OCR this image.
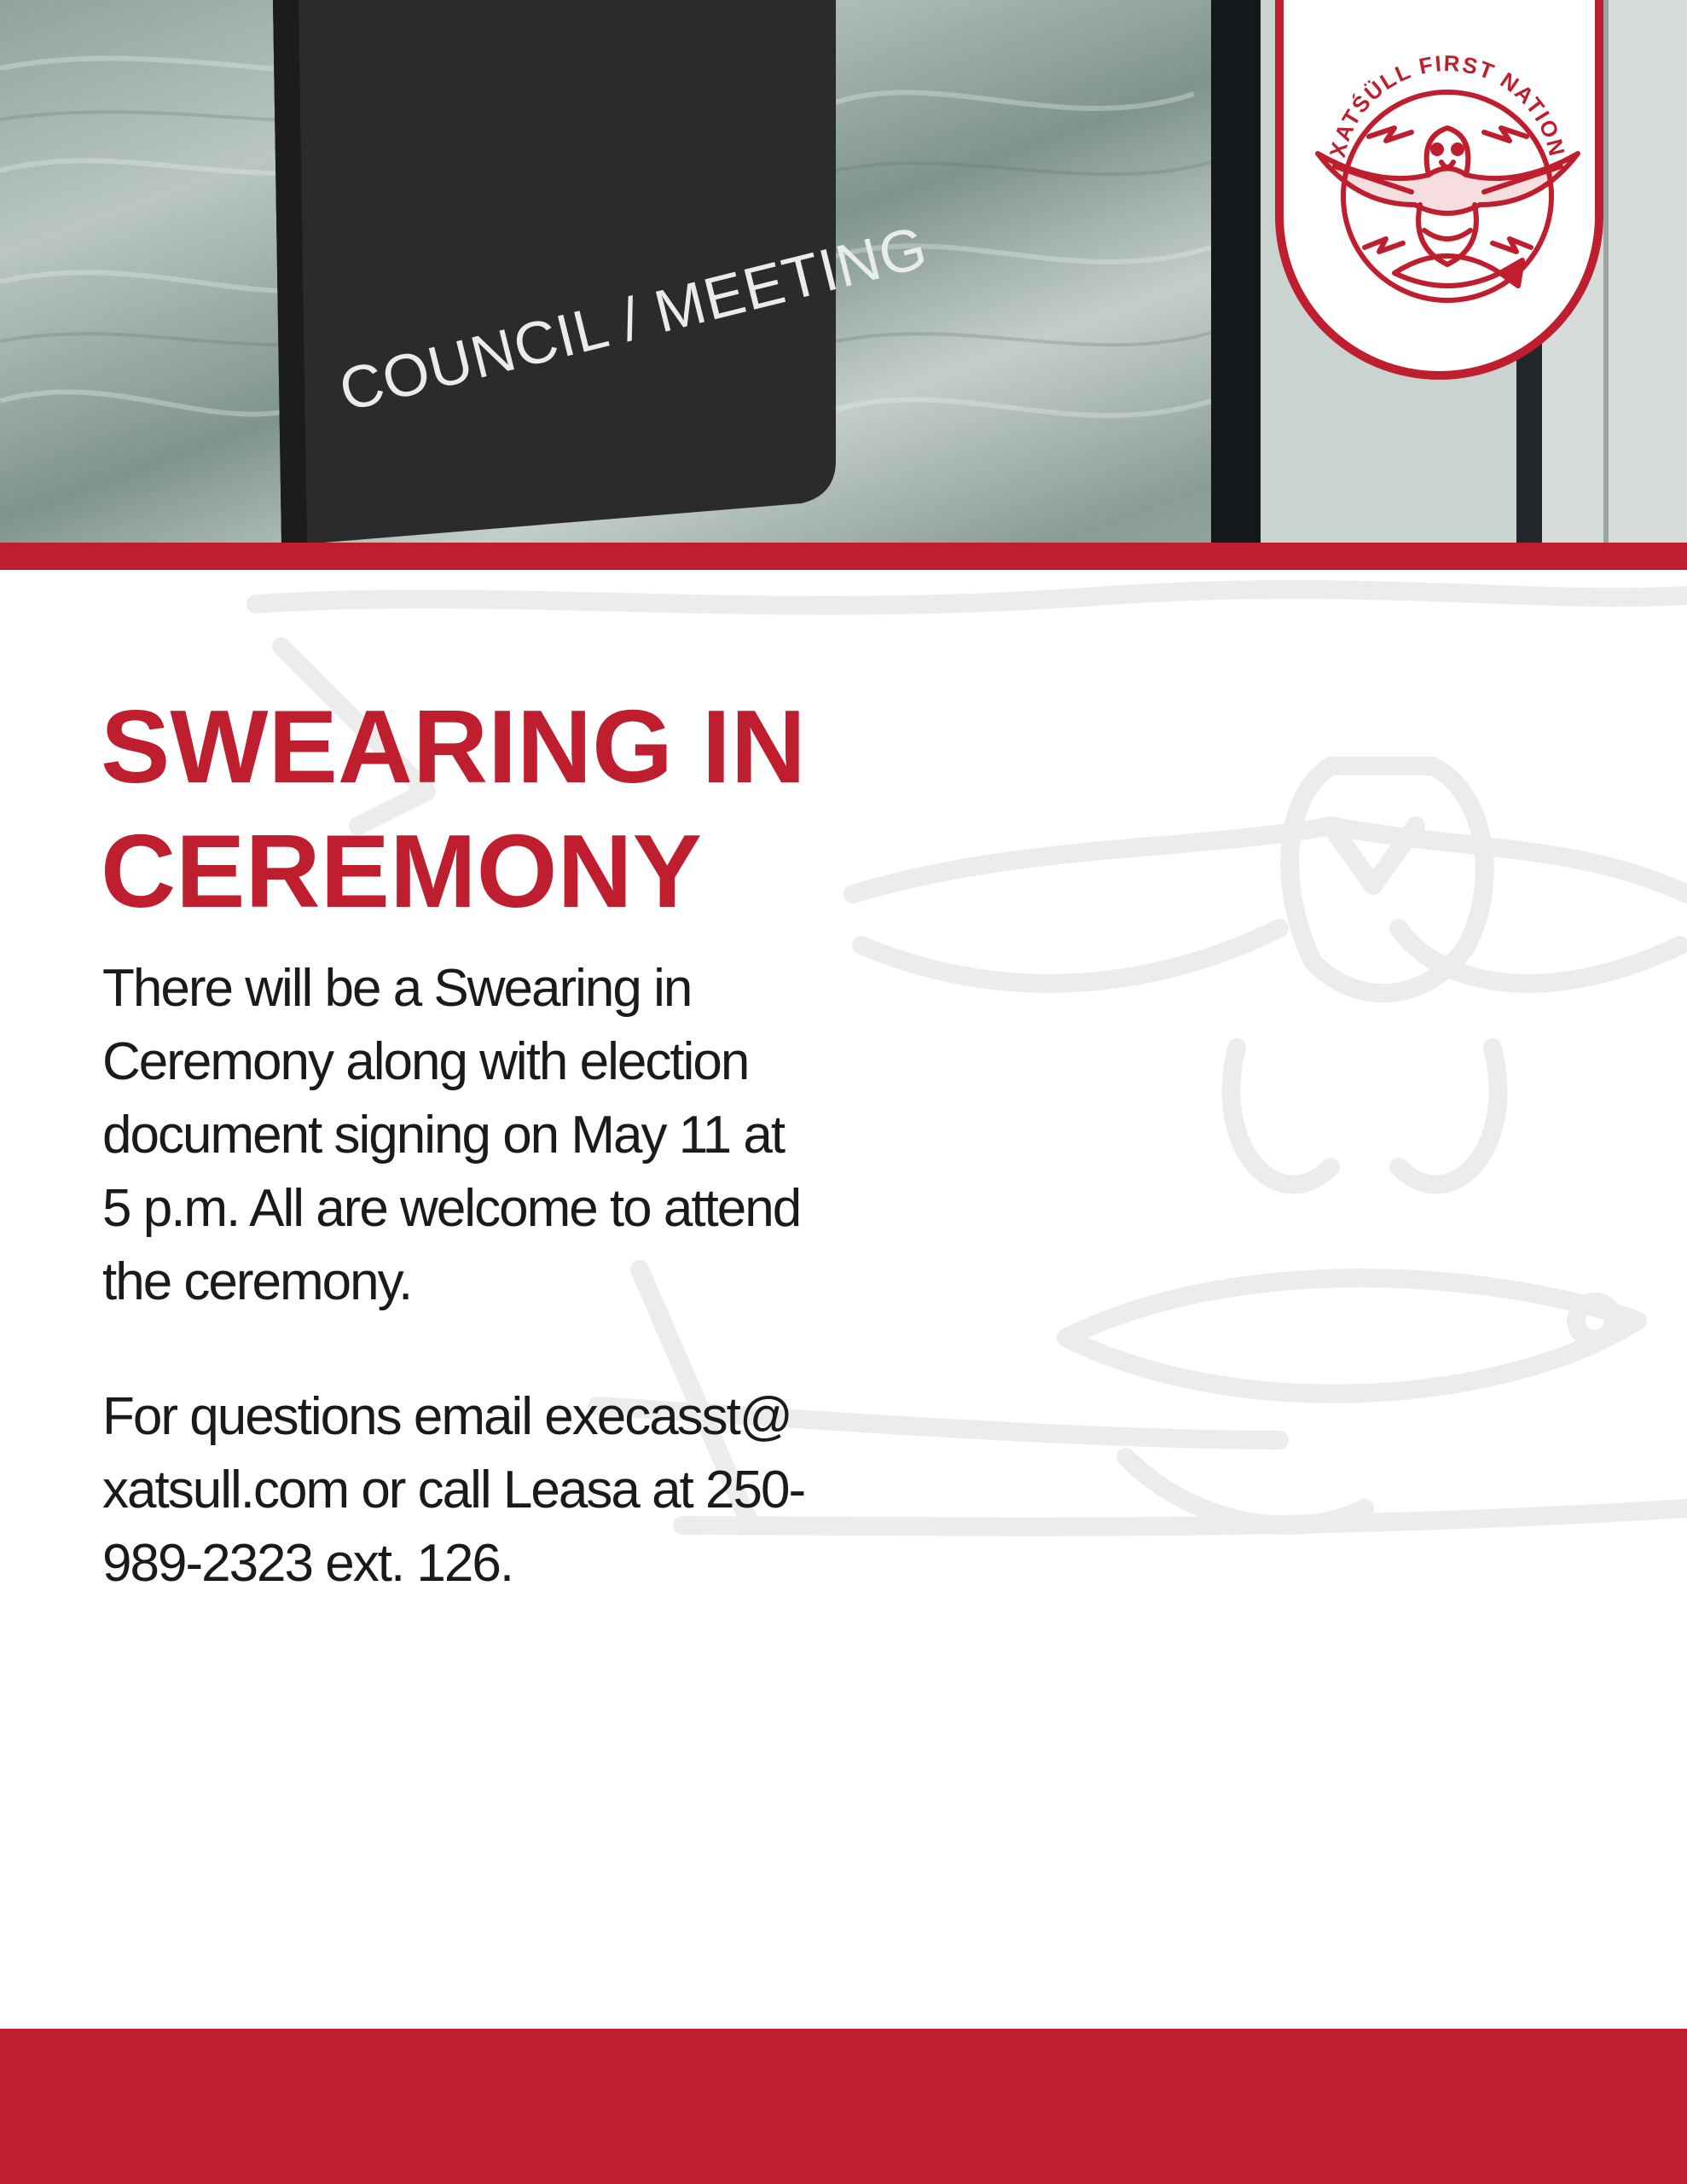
COUNCIL / MEETING
XATŚÜLL FIRST NATION
SWEARING IN
CEREMONY

There will be a Swearing in
Ceremony along with election
document signing on May 11 at
5 p.m. All are welcome to attend
the ceremony.

For questions email execasst@
xatsull.com or call Leasa at 250-
989-2323 ext. 126.
